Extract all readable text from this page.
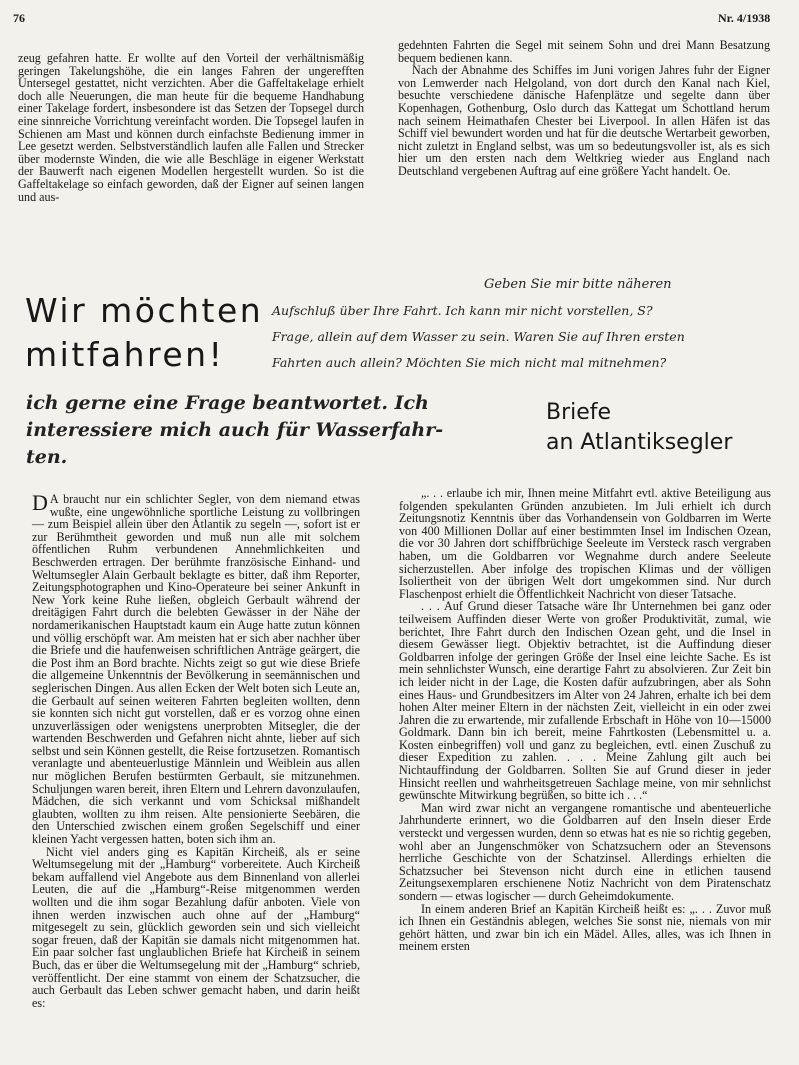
76	Nr. 4/1938

zeug gefahren hatte. Er wollte auf den Vorteil der verhältnismäßig geringen Takelungshöhe, die ein langes Fahren der ungerefften Untersegel gestattet, nicht verzichten. Aber die Gaffeltakelage erhielt doch alle Neuerungen, die man heute für die bequeme Handhabung einer Takelage fordert, insbesondere ist das Setzen der Topsegel durch eine sinnreiche Vorrichtung vereinfacht worden. Die Topsegel laufen in Schienen am Mast und können durch einfachste Bedienung immer in Lee gesetzt werden. Selbstverständlich laufen alle Fallen und Strecker über modernste Winden, die wie alle Beschläge in eigener Werkstatt der Bauwerft nach eigenen Modellen hergestellt wurden. So ist die Gaffeltakelage so einfach geworden, daß der Eigner auf seinen langen und aus-

gedehnten Fahrten die Segel mit seinem Sohn und drei Mann Besatzung bequem bedienen kann.

Nach der Abnahme des Schiffes im Juni vorigen Jahres fuhr der Eigner von Lemwerder nach Helgoland, von dort durch den Kanal nach Kiel, besuchte verschiedene dänische Hafenplätze und segelte dann über Kopenhagen, Gothenburg, Oslo durch das Kattegat um Schottland herum nach seinem Heimathafen Chester bei Liverpool. In allen Häfen ist das Schiff viel bewundert worden und hat für die deutsche Wertarbeit geworben, nicht zuletzt in England selbst, was um so bedeutungsvoller ist, als es sich hier um den ersten nach dem Weltkrieg wieder aus England nach Deutschland vergebenen Auftrag auf eine größere Yacht handelt. Oe.

Wir möchten
mitfahren!
Geben Sie mir bitte näheren
Aufschluß über Ihre Fahrt. Ich kann mir nicht vorstellen, S?
Frage, allein auf dem Wasser zu sein. Waren Sie auf Ihren ersten
Fahrten auch allein? Möchten Sie mich nicht mal mitnehmen?
ich gerne eine Frage beantwortet. Ich
interessiere mich auch für Wasserfahr-
ten.
Briefe
an Atlantiksegler

D A braucht nur ein schlichter Segler, von dem niemand etwas wußte, eine ungewöhnliche sportliche Leistung zu vollbringen — zum Beispiel allein über den Atlantik zu segeln —, sofort ist er zur Berühmtheit geworden und muß nun alle mit solchem öffentlichen Ruhm verbundenen Annehmlichkeiten und Beschwerden ertragen. Der berühmte französische Einhand- und Weltumsegler Alain Gerbault beklagte es bitter, daß ihm Reporter, Zeitungsphotographen und Kino-Operateure bei seiner Ankunft in New York keine Ruhe ließen, obgleich Gerbault während der dreitägigen Fahrt durch die belebten Gewässer in der Nähe der nordamerikanischen Hauptstadt kaum ein Auge hatte zutun können und völlig erschöpft war. Am meisten hat er sich aber nachher über die Briefe und die haufenweisen schriftlichen Anträge geärgert, die die Post ihm an Bord brachte. Nichts zeigt so gut wie diese Briefe die allgemeine Unkenntnis der Bevölkerung in seemännischen und seglerischen Dingen. Aus allen Ecken der Welt boten sich Leute an, die Gerbault auf seinen weiteren Fahrten begleiten wollten, denn sie konnten sich nicht gut vorstellen, daß er es vorzog ohne einen unzuverlässigen oder wenigstens unerprobten Mitsegler, die der wartenden Beschwerden und Gefahren nicht ahnte, lieber auf sich selbst und sein Können gestellt, die Reise fortzusetzen. Romantisch veranlagte und abenteuerlustige Männlein und Weiblein aus allen nur möglichen Berufen bestürmten Gerbault, sie mitzunehmen. Schuljungen waren bereit, ihren Eltern und Lehrern davonzulaufen, Mädchen, die sich verkannt und vom Schicksal mißhandelt glaubten, wollten zu ihm reisen. Alte pensionierte Seebären, die den Unterschied zwischen einem großen Segelschiff und einer kleinen Yacht vergessen hatten, boten sich ihm an.

Nicht viel anders ging es Kapitän Kircheiß, als er seine Weltumsegelung mit der „Hamburg“ vorbereitete. Auch Kircheiß bekam auffallend viel Angebote aus dem Binnenland von allerlei Leuten, die auf die „Hamburg“-Reise mitgenommen werden wollten und die ihm sogar Bezahlung dafür anboten. Viele von ihnen werden inzwischen auch ohne auf der „Hamburg“ mitgesegelt zu sein, glücklich geworden sein und sich vielleicht sogar freuen, daß der Kapitän sie damals nicht mitgenommen hat. Ein paar solcher fast unglaublichen Briefe hat Kircheiß in seinem Buch, das er über die Weltumsegelung mit der „Hamburg“ schrieb, veröffentlicht. Der eine stammt von einem der Schatzsucher, die auch Gerbault das Leben schwer gemacht haben, und darin heißt es:

„. . . erlaube ich mir, Ihnen meine Mitfahrt evtl. aktive Beteiligung aus folgenden spekulanten Gründen anzubieten. Im Juli erhielt ich durch Zeitungsnotiz Kenntnis über das Vorhandensein von Goldbarren im Werte von 400 Millionen Dollar auf einer bestimmten Insel im Indischen Ozean, die vor 30 Jahren dort schiffbrüchige Seeleute im Versteck rasch vergraben haben, um die Goldbarren vor Wegnahme durch andere Seeleute sicherzustellen. Aber infolge des tropischen Klimas und der völligen Isoliertheit von der übrigen Welt dort umgekommen sind. Nur durch Flaschenpost erhielt die Öffentlichkeit Nachricht von dieser Tatsache.

. . . Auf Grund dieser Tatsache wäre Ihr Unternehmen bei ganz oder teilweisem Auffinden dieser Werte von großer Produktivität, zumal, wie berichtet, Ihre Fahrt durch den Indischen Ozean geht, und die Insel in diesem Gewässer liegt. Objektiv betrachtet, ist die Auffindung dieser Goldbarren infolge der geringen Größe der Insel eine leichte Sache. Es ist mein sehnlichster Wunsch, eine derartige Fahrt zu absolvieren. Zur Zeit bin ich leider nicht in der Lage, die Kosten dafür aufzubringen, aber als Sohn eines Haus- und Grundbesitzers im Alter von 24 Jahren, erhalte ich bei dem hohen Alter meiner Eltern in der nächsten Zeit, vielleicht in ein oder zwei Jahren die zu erwartende, mir zufallende Erbschaft in Höhe von 10—15000 Goldmark. Dann bin ich bereit, meine Fahrtkosten (Lebensmittel u. a. Kosten einbegriffen) voll und ganz zu begleichen, evtl. einen Zuschuß zu dieser Expedition zu zahlen. . . . Meine Zahlung gilt auch bei Nichtauffindung der Goldbarren. Sollten Sie auf Grund dieser in jeder Hinsicht reellen und wahrheitsgetreuen Sachlage meine, von mir sehnlichst gewünschte Mitwirkung begrüßen, so bitte ich . . .“

Man wird zwar nicht an vergangene romantische und abenteuerliche Jahrhunderte erinnert, wo die Goldbarren auf den Inseln dieser Erde versteckt und vergessen wurden, denn so etwas hat es nie so richtig gegeben, wohl aber an Jungenschmöker von Schatzsuchern oder an Stevensons herrliche Geschichte von der Schatzinsel. Allerdings erhielten die Schatzsucher bei Stevenson nicht durch eine in etlichen tausend Zeitungsexemplaren erschienene Notiz Nachricht von dem Piratenschatz sondern — etwas logischer — durch Geheimdokumente.

In einem anderen Brief an Kapitän Kircheiß heißt es: „. . . Zuvor muß ich Ihnen ein Geständnis ablegen, welches Sie sonst nie, niemals von mir gehört hätten, und zwar bin ich ein Mädel. Alles, alles, was ich Ihnen in meinem ersten
